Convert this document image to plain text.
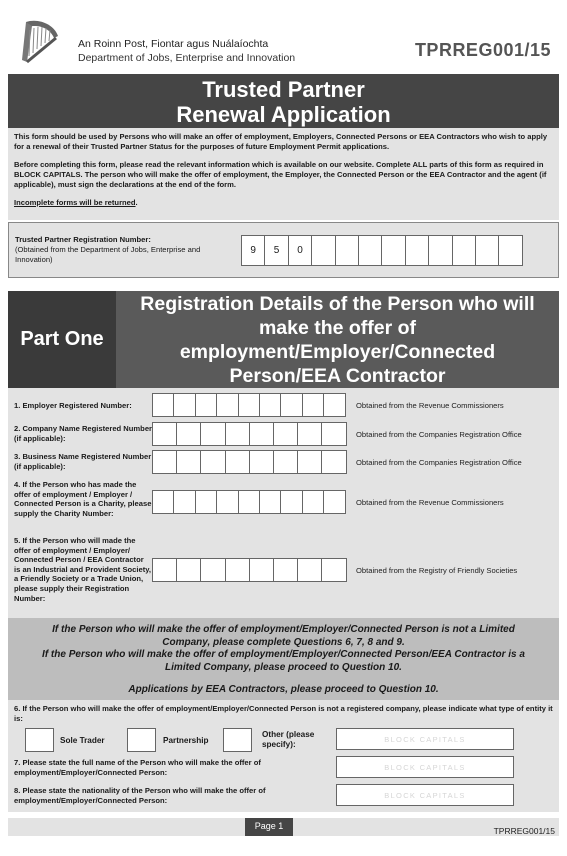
An Roinn Post, Fiontar agus Nuálaíochta
Department of Jobs, Enterprise and Innovation	TPRREG001/15
Trusted Partner
Renewal Application

This form should be used by Persons who will make an offer of employment, Employers, Connected Persons or EEA Contractors who wish to apply for a renewal of their Trusted Partner Status for the purposes of future Employment Permit applications.

Before completing this form, please read the relevant information which is available on our website. Complete ALL parts of this form as required in BLOCK CAPITALS. The person who will make the offer of employment, the Employer, the Connected Person or the EEA Contractor and the agent (if applicable), must sign the declarations at the end of the form.

Incomplete forms will be returned.

Trusted Partner Registration Number:
(Obtained from the Department of Jobs, Enterprise and Innovation)
9	5	0
Part One
Registration Details of the Person who will
make the offer of
employment/Employer/Connected
Person/EEA Contractor
1. Employer Registered Number:	Obtained from the Revenue Commissioners
2. Company Name Registered Number (if applicable):	Obtained from the Companies Registration Office
3. Business Name Registered Number (if applicable):	Obtained from the Companies Registration Office
4. If the Person who has made the offer of employment / Employer / Connected Person is a Charity, please supply the Charity Number:
Obtained from the Revenue Commissioners
5. If the Person who will made the offer of employment / Employer/ Connected Person / EEA Contractor is an Industrial and Provident Society, a Friendly Society or a Trade Union, please supply their Registration Number:
Obtained from the Registry of Friendly Societies

If the Person who will make the offer of employment/Employer/Connected Person is not a Limited

Company, please complete Questions 6, 7, 8 and 9.

If the Person who will make the offer of employment/Employer/Connected Person/EEA Contractor is a

Limited Company, please proceed to Question 10.

Applications by EEA Contractors, please proceed to Question 10.

6. If the Person who will make the offer of employment/Employer/Connected Person is not a registered company, please indicate what type of entity it is:
Sole Trader	Partnership
Other (please specify):
BLOCK CAPITALS
7. Please state the full name of the Person who will make the offer of employment/Employer/Connected Person:
BLOCK CAPITALS
8. Please state the nationality of the Person who will make the offer of employment/Employer/Connected Person:
BLOCK CAPITALS
Page 1	TPRREG001/15
